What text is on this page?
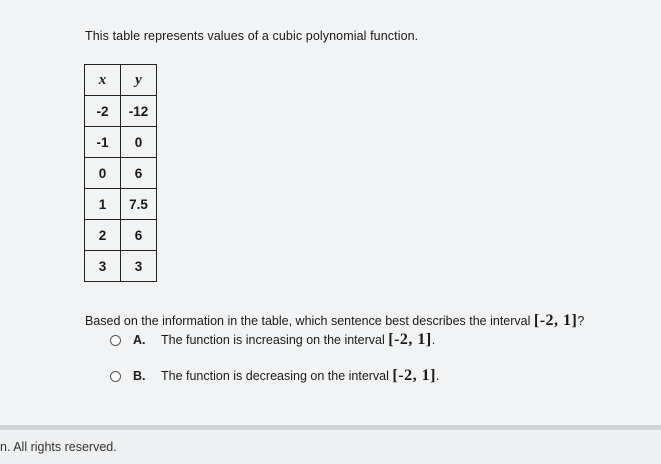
This table represents values of a cubic polynomial function.
x	y
-2	-12
-1	0
0	6
1	7.5
2	6
3	3
Based on the information in the table, which sentence best describes the interval [-2, 1]?
A.	The function is increasing on the interval
[-2, 1] .
B.	The function is decreasing on the interval
[-2, 1] .
n. All rights reserved.
